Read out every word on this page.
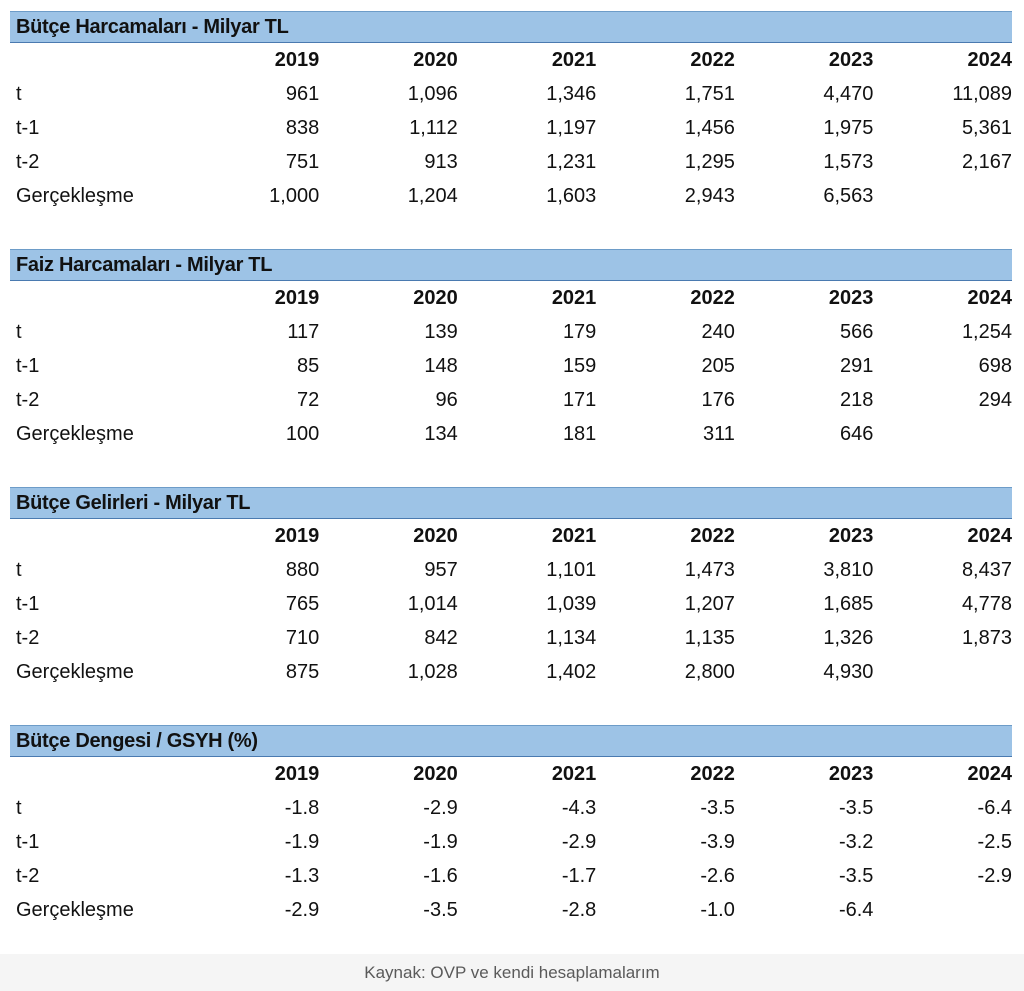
Bütçe Harcamaları - Milyar TL
	2019	2020	2021	2022	2023	2024
t	961	1,096	1,346	1,751	4,470	11,089
t-1	838	1,112	1,197	1,456	1,975	5,361
t-2	751	913	1,231	1,295	1,573	2,167
Gerçekleşme	1,000	1,204	1,603	2,943	6,563	
Faiz Harcamaları - Milyar TL
	2019	2020	2021	2022	2023	2024
t	117	139	179	240	566	1,254
t-1	85	148	159	205	291	698
t-2	72	96	171	176	218	294
Gerçekleşme	100	134	181	311	646	
Bütçe Gelirleri - Milyar TL
	2019	2020	2021	2022	2023	2024
t	880	957	1,101	1,473	3,810	8,437
t-1	765	1,014	1,039	1,207	1,685	4,778
t-2	710	842	1,134	1,135	1,326	1,873
Gerçekleşme	875	1,028	1,402	2,800	4,930	
Bütçe Dengesi / GSYH (%)
	2019	2020	2021	2022	2023	2024
t	-1.8	-2.9	-4.3	-3.5	-3.5	-6.4
t-1	-1.9	-1.9	-2.9	-3.9	-3.2	-2.5
t-2	-1.3	-1.6	-1.7	-2.6	-3.5	-2.9
Gerçekleşme	-2.9	-3.5	-2.8	-1.0	-6.4	
Kaynak: OVP ve kendi hesaplamalarım
